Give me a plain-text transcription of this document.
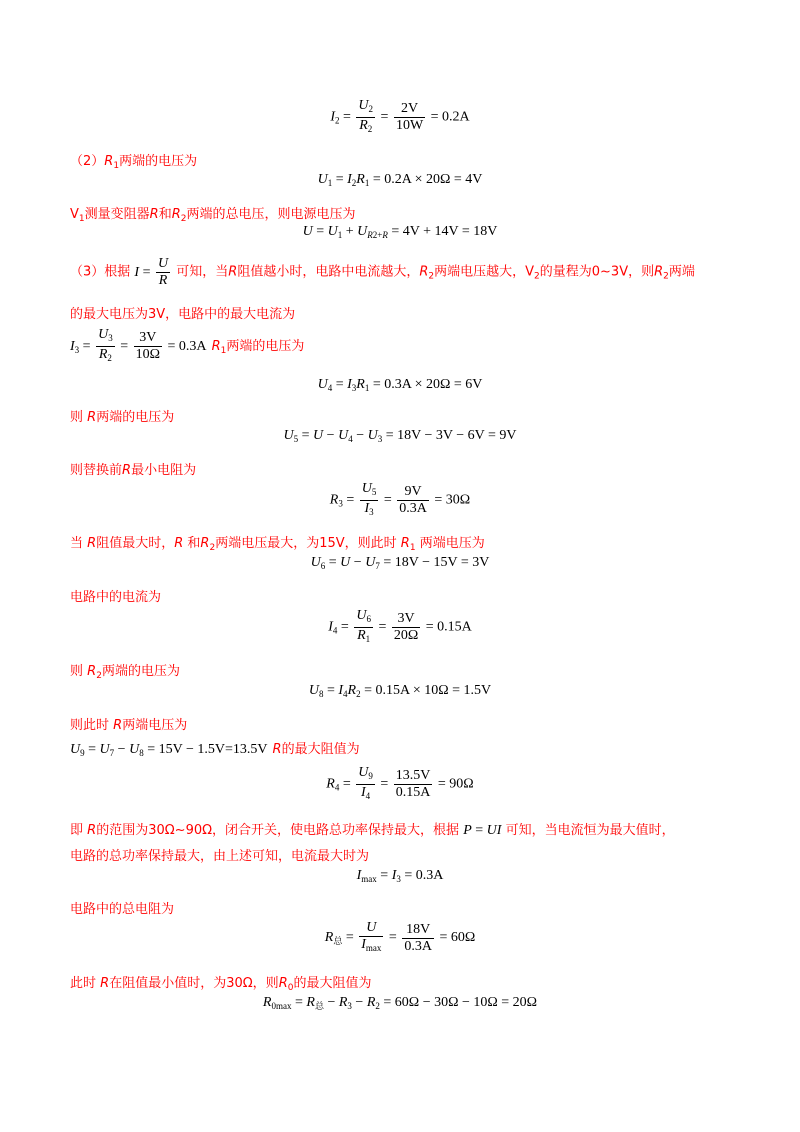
$I_2 = \frac{U_2}{R_2} = \frac{2V}{10W} = 0.2A$
$(2)R_1$两端的电压为
$U_1 = I_2R_1 = 0.2A \times 20\Omega = 4V$
$V_1$测量变阻器R和$R_2$两端的总电压，则电源电压为
$U = U_1 + U_{R2+R} = 4V + 14V = 18V$
（3）根据 $I = \frac{U}{R}$ 可知，当R阻值越小时，电路中电流越大，$R_2$两端电压越大，$V_2$的量程为0~3V，则$R_2$两端
的最大电压为3V，电路中的最大电流为
$I_3 = \frac{U_3}{R_2} = \frac{3V}{10\Omega} = 0.3A$ $R_1$两端的电压为
$U_4 = I_3R_1 = 0.3A \times 20\Omega = 6V$
则 R两端的电压为
$U_5 = U - U_4 - U_3 = 18V - 3V - 6V = 9V$
则替换前R最小电阻为
$R_3 = \frac{U_5}{I_3} = \frac{9V}{0.3A} = 30\Omega$
当 R阻值最大时，R 和$R_2$两端电压最大，为15V，则此时 $R_1$ 两端电压为
$U_6 = U - U_7 = 18V - 15V = 3V$
电路中的电流为
$I_4 = \frac{U_6}{R_1} = \frac{3V}{20\Omega} = 0.15A$
则 $R_2$两端的电压为
$U_8 = I_4R_2 = 0.15A \times 10\Omega = 1.5V$
则此时 R两端电压为
$U_9 = U_7 - U_8 = 15V - 1.5V=13.5V$ R的最大阻值为
$R_4 = \frac{U_9}{I_4} = \frac{13.5V}{0.15A} = 90\Omega$
即 R的范围为30Ω~90Ω，闭合开关，使电路总功率保持最大，根据 P = UI 可知，当电流恒为最大值时，
电路的总功率保持最大，由上述可知，电流最大时为
$I_{max} = I_3 = 0.3A$
电路中的总电阻为
$R_总 = \frac{U}{I_{max}} = \frac{18V}{0.3A} = 60\Omega$
此时 R在阻值最小值时，为30Ω，则$R_0$的最大阻值为
$R_{0max} = R_总 - R_3 - R_2 = 60\Omega - 30\Omega - 10\Omega = 20\Omega$
